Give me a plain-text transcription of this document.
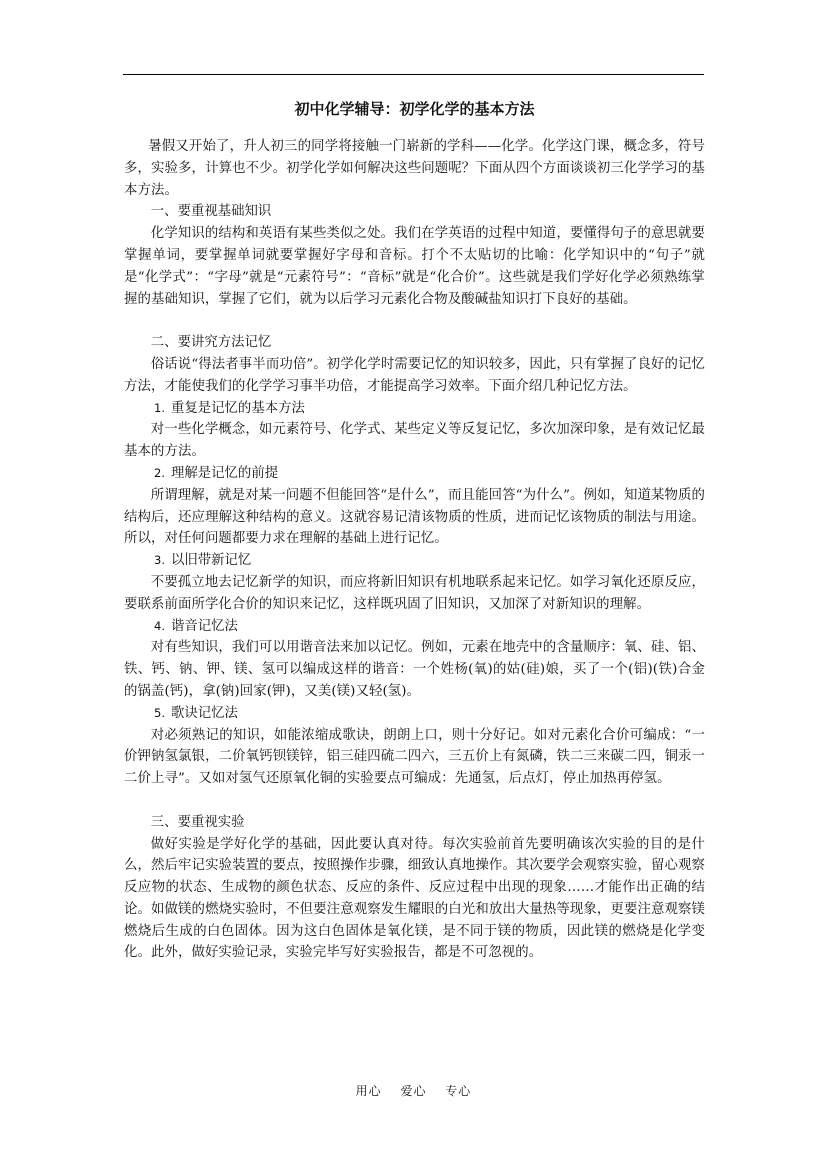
初中化学辅导：初学化学的基本方法

暑假又开始了，升人初三的同学将接触一门崭新的学科——化学。化学这门课，概念多，符号多，实验多，计算也不少。初学化学如何解决这些问题呢？下面从四个方面谈谈初三化学学习的基本方法。

一、要重视基础知识

化学知识的结构和英语有某些类似之处。我们在学英语的过程中知道，要懂得句子的意思就要掌握单词，要掌握单词就要掌握好字母和音标。打个不太贴切的比喻：化学知识中的“句子”就是“化学式”：“字母”就是“元素符号”：“音标”就是“化合价”。这些就是我们学好化学必须熟练掌握的基础知识，掌握了它们，就为以后学习元素化合物及酸碱盐知识打下良好的基础。

二、要讲究方法记忆

俗话说“得法者事半而功倍”。初学化学时需要记忆的知识较多，因此，只有掌握了良好的记忆方法，才能使我们的化学学习事半功倍，才能提高学习效率。下面介绍几种记忆方法。

1. 重复是记忆的基本方法

对一些化学概念，如元素符号、化学式、某些定义等反复记忆，多次加深印象，是有效记忆最基本的方法。

2. 理解是记忆的前提

所谓理解，就是对某一问题不但能回答“是什么”，而且能回答“为什么”。例如，知道某物质的结构后，还应理解这种结构的意义。这就容易记清该物质的性质，进而记忆该物质的制法与用途。所以，对任何问题都要力求在理解的基础上进行记忆。

3. 以旧带新记忆

不要孤立地去记忆新学的知识，而应将新旧知识有机地联系起来记忆。如学习氧化还原反应，要联系前面所学化合价的知识来记忆，这样既巩固了旧知识，又加深了对新知识的理解。

4. 谐音记忆法

对有些知识，我们可以用谐音法来加以记忆。例如，元素在地壳中的含量顺序：氧、硅、铝、铁、钙、钠、钾、镁、氢可以编成这样的谐音：一个姓杨(氧)的姑(硅)娘，买了一个(铝)(铁)合金的锅盖(钙)，拿(钠)回家(钾)，又美(镁)又轻(氢)。

5. 歌诀记忆法

对必须熟记的知识，如能浓缩成歌诀，朗朗上口，则十分好记。如对元素化合价可编成：“一价钾钠氢氯银，二价氧钙钡镁锌，铝三硅四硫二四六，三五价上有氮磷，铁二三来碳二四，铜汞一二价上寻”。又如对氢气还原氧化铜的实验要点可编成：先通氢，后点灯，停止加热再停氢。

三、要重视实验

做好实验是学好化学的基础，因此要认真对待。每次实验前首先要明确该次实验的目的是什么，然后牢记实验装置的要点，按照操作步骤，细致认真地操作。其次要学会观察实验，留心观察反应物的状态、生成物的颜色状态、反应的条件、反应过程中出现的现象……才能作出正确的结论。如做镁的燃烧实验时，不但要注意观察发生耀眼的白光和放出大量热等现象，更要注意观察镁燃烧后生成的白色固体。因为这白色固体是氧化镁，是不同于镁的物质，因此镁的燃烧是化学变化。此外，做好实验记录，实验完毕写好实验报告，都是不可忽视的。

用心 爱心 专心
